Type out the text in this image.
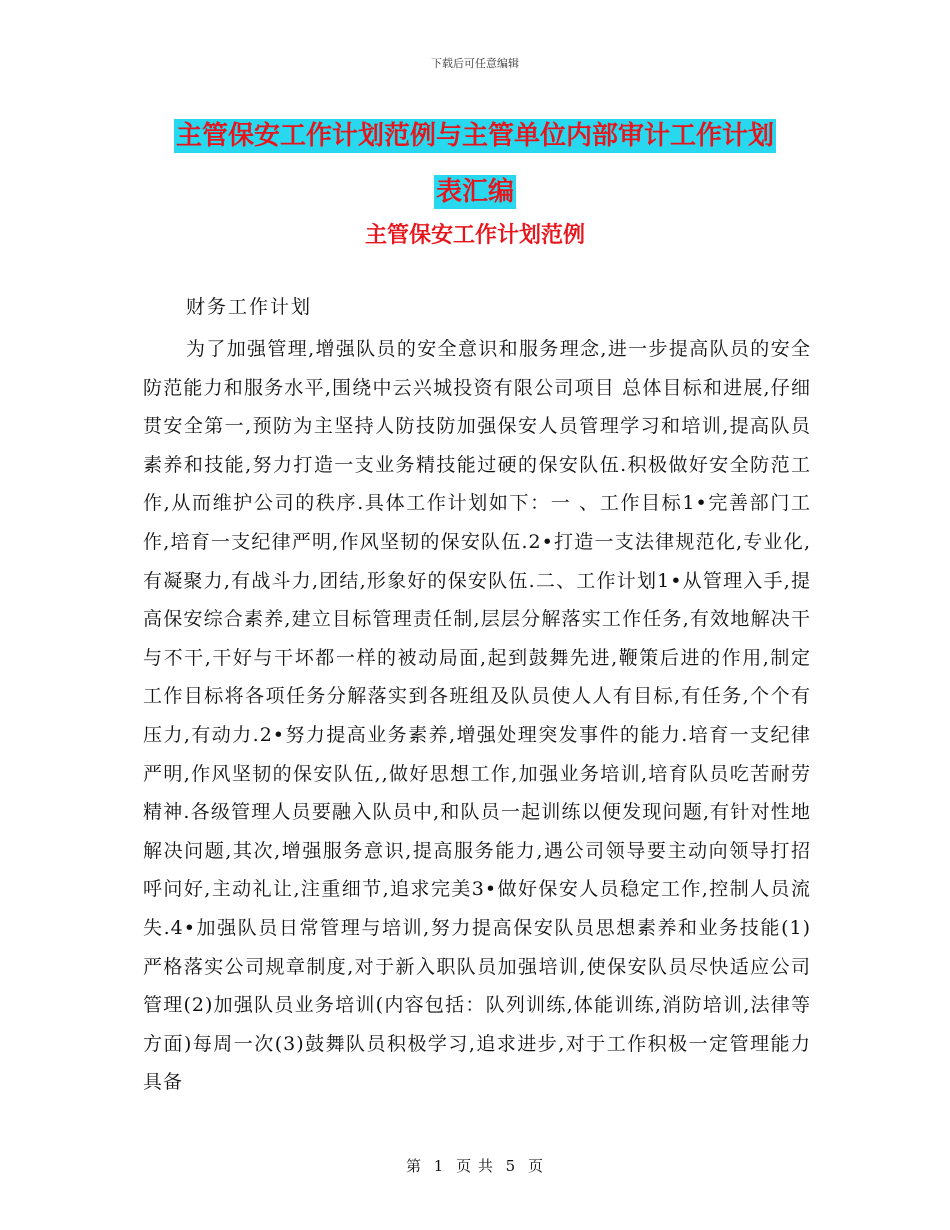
下载后可任意编辑
主管保安工作计划范例与主管单位内部审计工作计划
表汇编
主管保安工作计划范例
财务工作计划

为了加强管理,增强队员的安全意识和服务理念,进一步提高队员的安全防范能力和服务水平,围绕中云兴城投资有限公司项目 总体目标和进展,仔细贯安全第一,预防为主坚持人防技防加强保安人员管理学习和培训,提高队员素养和技能,努力打造一支业务精技能过硬的保安队伍.积极做好安全防范工作,从而维护公司的秩序.具体工作计划如下：一 、工作目标1•完善部门工作,培育一支纪律严明,作风坚韧的保安队伍.2•打造一支法律规范化,专业化,有凝聚力,有战斗力,团结,形象好的保安队伍.二、工作计划1•从管理入手,提高保安综合素养,建立目标管理责任制,层层分解落实工作任务,有效地解决干与不干,干好与干坏都一样的被动局面,起到鼓舞先进,鞭策后进的作用,制定工作目标将各项任务分解落实到各班组及队员使人人有目标,有任务,个个有压力,有动力.2•努力提高业务素养,增强处理突发事件的能力.培育一支纪律严明,作风坚韧的保安队伍,,做好思想工作,加强业务培训,培育队员吃苦耐劳精神.各级管理人员要融入队员中,和队员一起训练以便发现问题,有针对性地解决问题,其次,增强服务意识,提高服务能力,遇公司领导要主动向领导打招呼问好,主动礼让,注重细节,追求完美3•做好保安人员稳定工作,控制人员流失.4•加强队员日常管理与培训,努力提高保安队员思想素养和业务技能(1)严格落实公司规章制度,对于新入职队员加强培训,使保安队员尽快适应公司管理(2)加强队员业务培训(内容包括：队列训练,体能训练,消防培训,法律等方面)每周一次(3)鼓舞队员积极学习,追求进步,对于工作积极一定管理能力具备

第 1 页 共 5 页
